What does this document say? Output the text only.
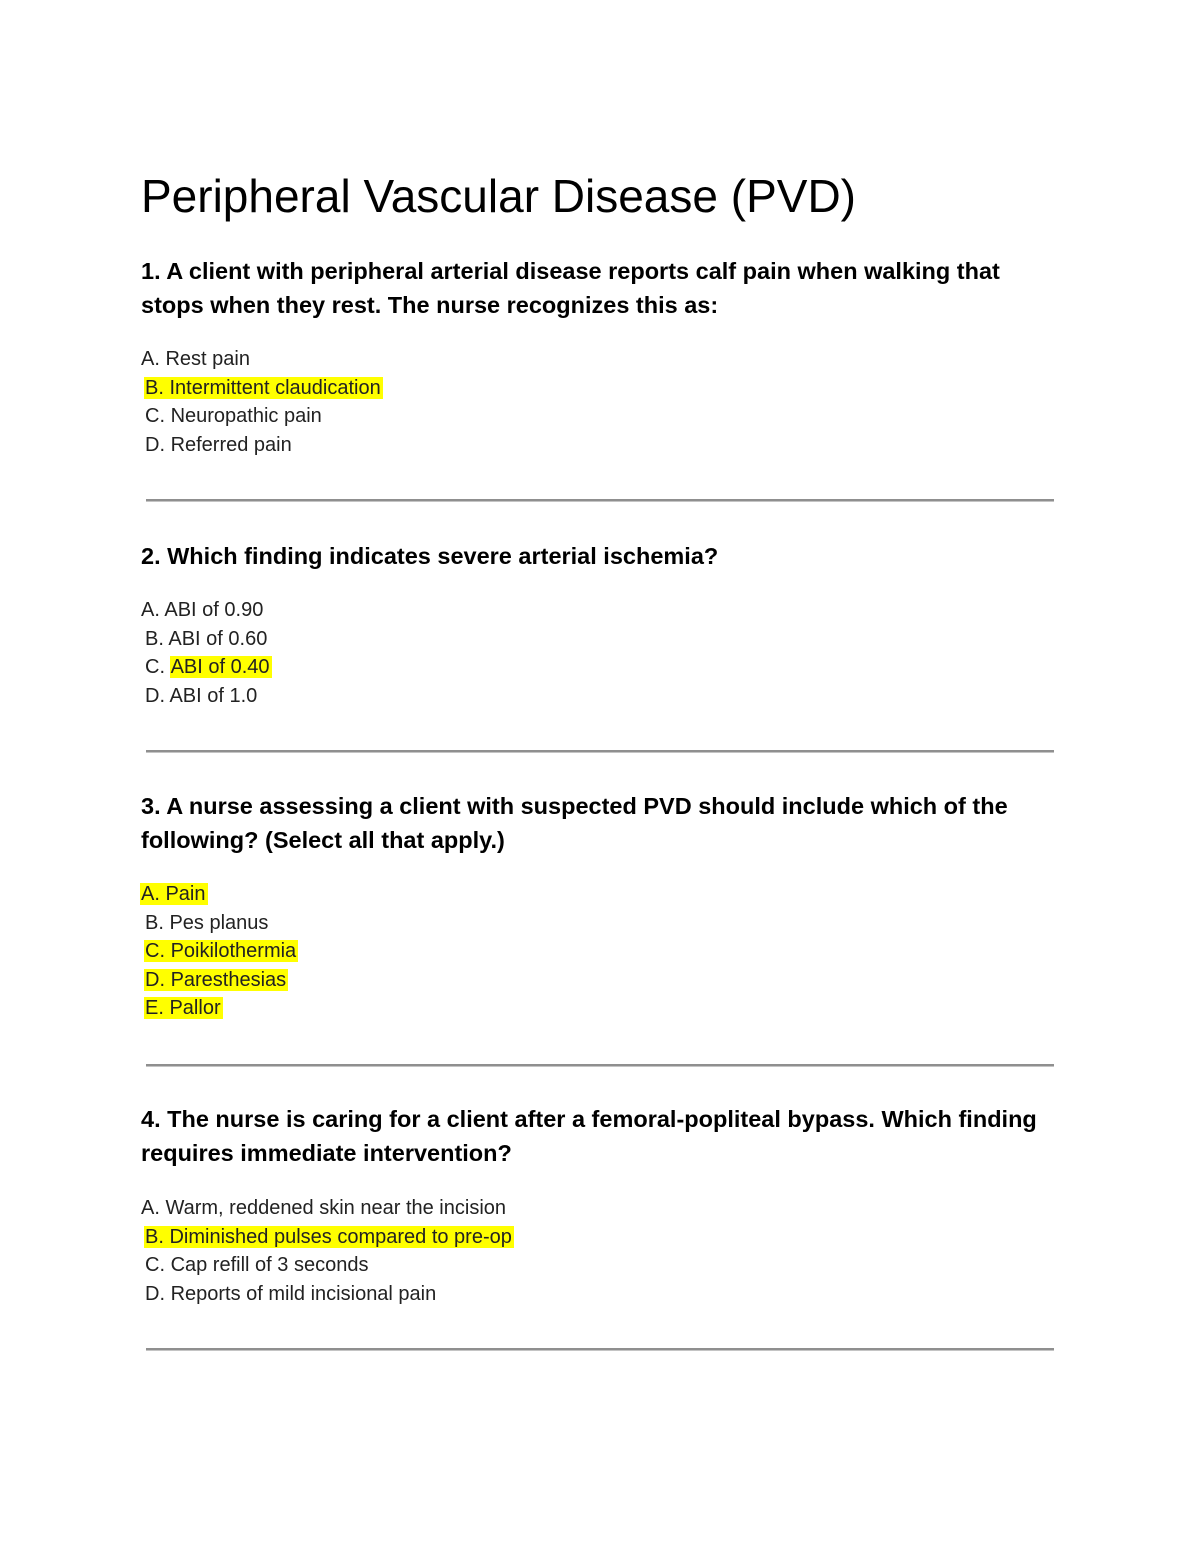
Peripheral Vascular Disease (PVD)

1. A client with peripheral arterial disease reports calf pain when walking that stops when they rest. The nurse recognizes this as:

A. Rest pain
B. Intermittent claudication
C. Neuropathic pain
D. Referred pain

2. Which finding indicates severe arterial ischemia?

A. ABI of 0.90
B. ABI of 0.60
C. ABI of 0.40
D. ABI of 1.0

3. A nurse assessing a client with suspected PVD should include which of the following? (Select all that apply.)

A. Pain
B. Pes planus
C. Poikilothermia
D. Paresthesias
E. Pallor

4. The nurse is caring for a client after a femoral-popliteal bypass. Which finding requires immediate intervention?

A. Warm, reddened skin near the incision
B. Diminished pulses compared to pre-op
C. Cap refill of 3 seconds
D. Reports of mild incisional pain
